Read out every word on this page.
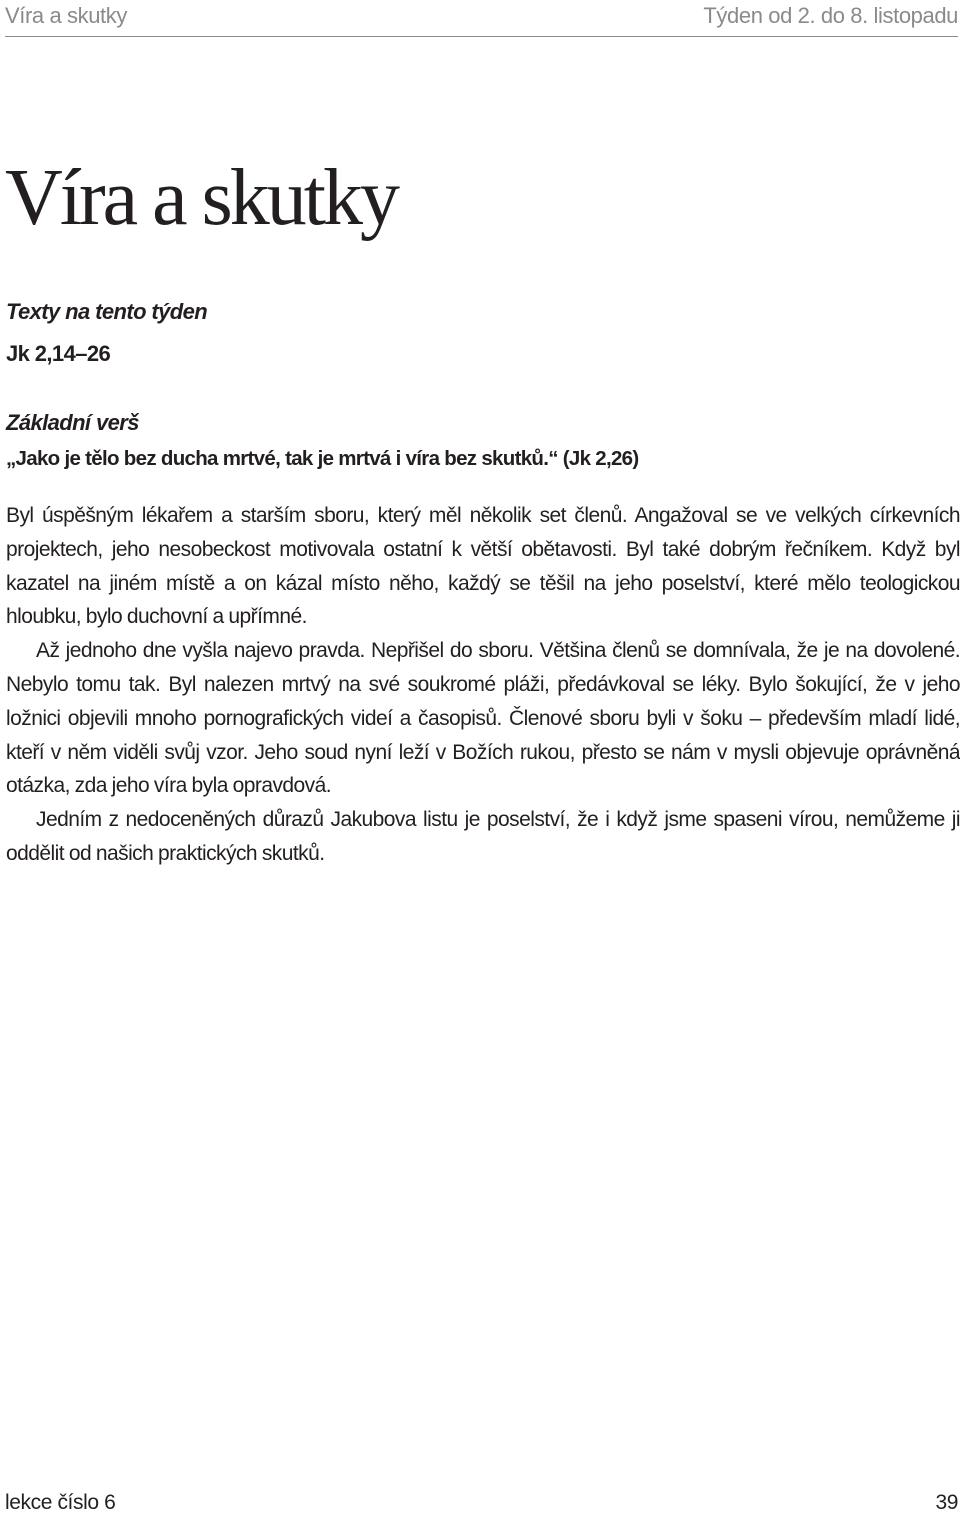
Víra a skutky	Týden od 2. do 8. listopadu
Víra a skutky
Texty na tento týden
Jk 2,14–26
Základní verš
„Jako je tělo bez ducha mrtvé, tak je mrtvá i víra bez skutků.“ (Jk 2,26)

Byl úspěšným lékařem a starším sboru, který měl několik set členů. Angažoval se ve velkých církevních projektech, jeho nesobeckost motivovala ostatní k větší obětavosti. Byl také dobrým řečníkem. Když byl kazatel na jiném místě a on kázal místo něho, každý se těšil na jeho poselství, které mělo teologickou hloubku, bylo duchovní a upřímné.

Až jednoho dne vyšla najevo pravda. Nepřišel do sboru. Většina členů se domnívala, že je na dovolené. Nebylo tomu tak. Byl nalezen mrtvý na své soukromé pláži, předávkoval se léky. Bylo šokující, že v jeho ložnici objevili mnoho pornografických videí a časopisů. Členové sboru byli v šoku – především mladí lidé, kteří v něm viděli svůj vzor. Jeho soud nyní leží v Božích rukou, přesto se nám v mysli objevuje oprávněná otázka, zda jeho víra byla opravdová.

Jedním z nedoceněných důrazů Jakubova listu je poselství, že i když jsme spaseni vírou, nemůžeme ji oddělit od našich praktických skutků.

lekce číslo 6	39
